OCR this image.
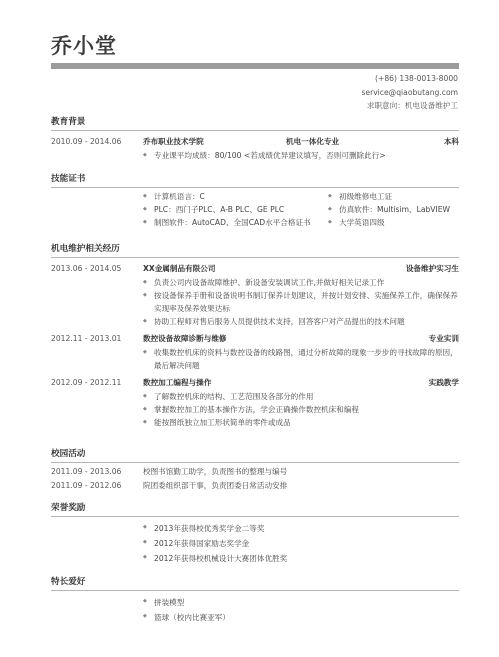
乔小堂
(+86) 138-0013-8000
service@qiaobutang.com
求职意向：机电设备维护工
教育背景
2010.09 - 2014.06	乔布职业技术学院	机电一体化专业	本科
◆ 专业课平均成绩：80/100 <若成绩优异建议填写，否则可删除此行>
技能证书
◆ 计算机语言：C
◆ PLC：西门子PLC、A-B PLC、GE PLC
◆ 制图软件：AutoCAD、全国CAD水平合格证书
◆ 初级维修电工证
◆ 仿真软件：Multisim、LabVIEW
◆ 大学英语四级
机电维护相关经历
2013.06 - 2014.05	XX金属制品有限公司	设备维护实习生
◆ 负责公司内设备故障维护、新设备安装调试工作,并做好相关记录工作
◆ 按设备保养手册和设备说明书制订保养计划建议，并按计划安排、实施保养工作，确保保养实现率及保养效果达标
◆ 协助工程师对售后服务人员提供技术支持，回答客户对产品提出的技术问题
2012.11 - 2013.01	数控设备故障诊断与维修	专业实训
◆ 收集数控机床的资料与数控设备的线路图，通过分析故障的现象一步步的寻找故障的原因，最后解决问题
2012.09 - 2012.11	数控加工编程与操作	实践教学
◆ 了解数控机床的结构、工艺范围及各部分的作用
◆ 掌握数控加工的基本操作方法，学会正确操作数控机床和编程
◆ 能按图纸独立加工形状简单的零件或成品
校园活动
2011.09 - 2013.06	校图书馆勤工助学，负责图书的整理与编号
2011.09 - 2012.06	院团委组织部干事，负责团委日常活动安排
荣誉奖励
◆ 2013年获得校优秀奖学金二等奖
◆ 2012年获得国家励志奖学金
◆ 2012年获得校机械设计大赛团体优胜奖
特长爱好
◆ 拼装模型
◆ 篮球（校内比赛亚军）
